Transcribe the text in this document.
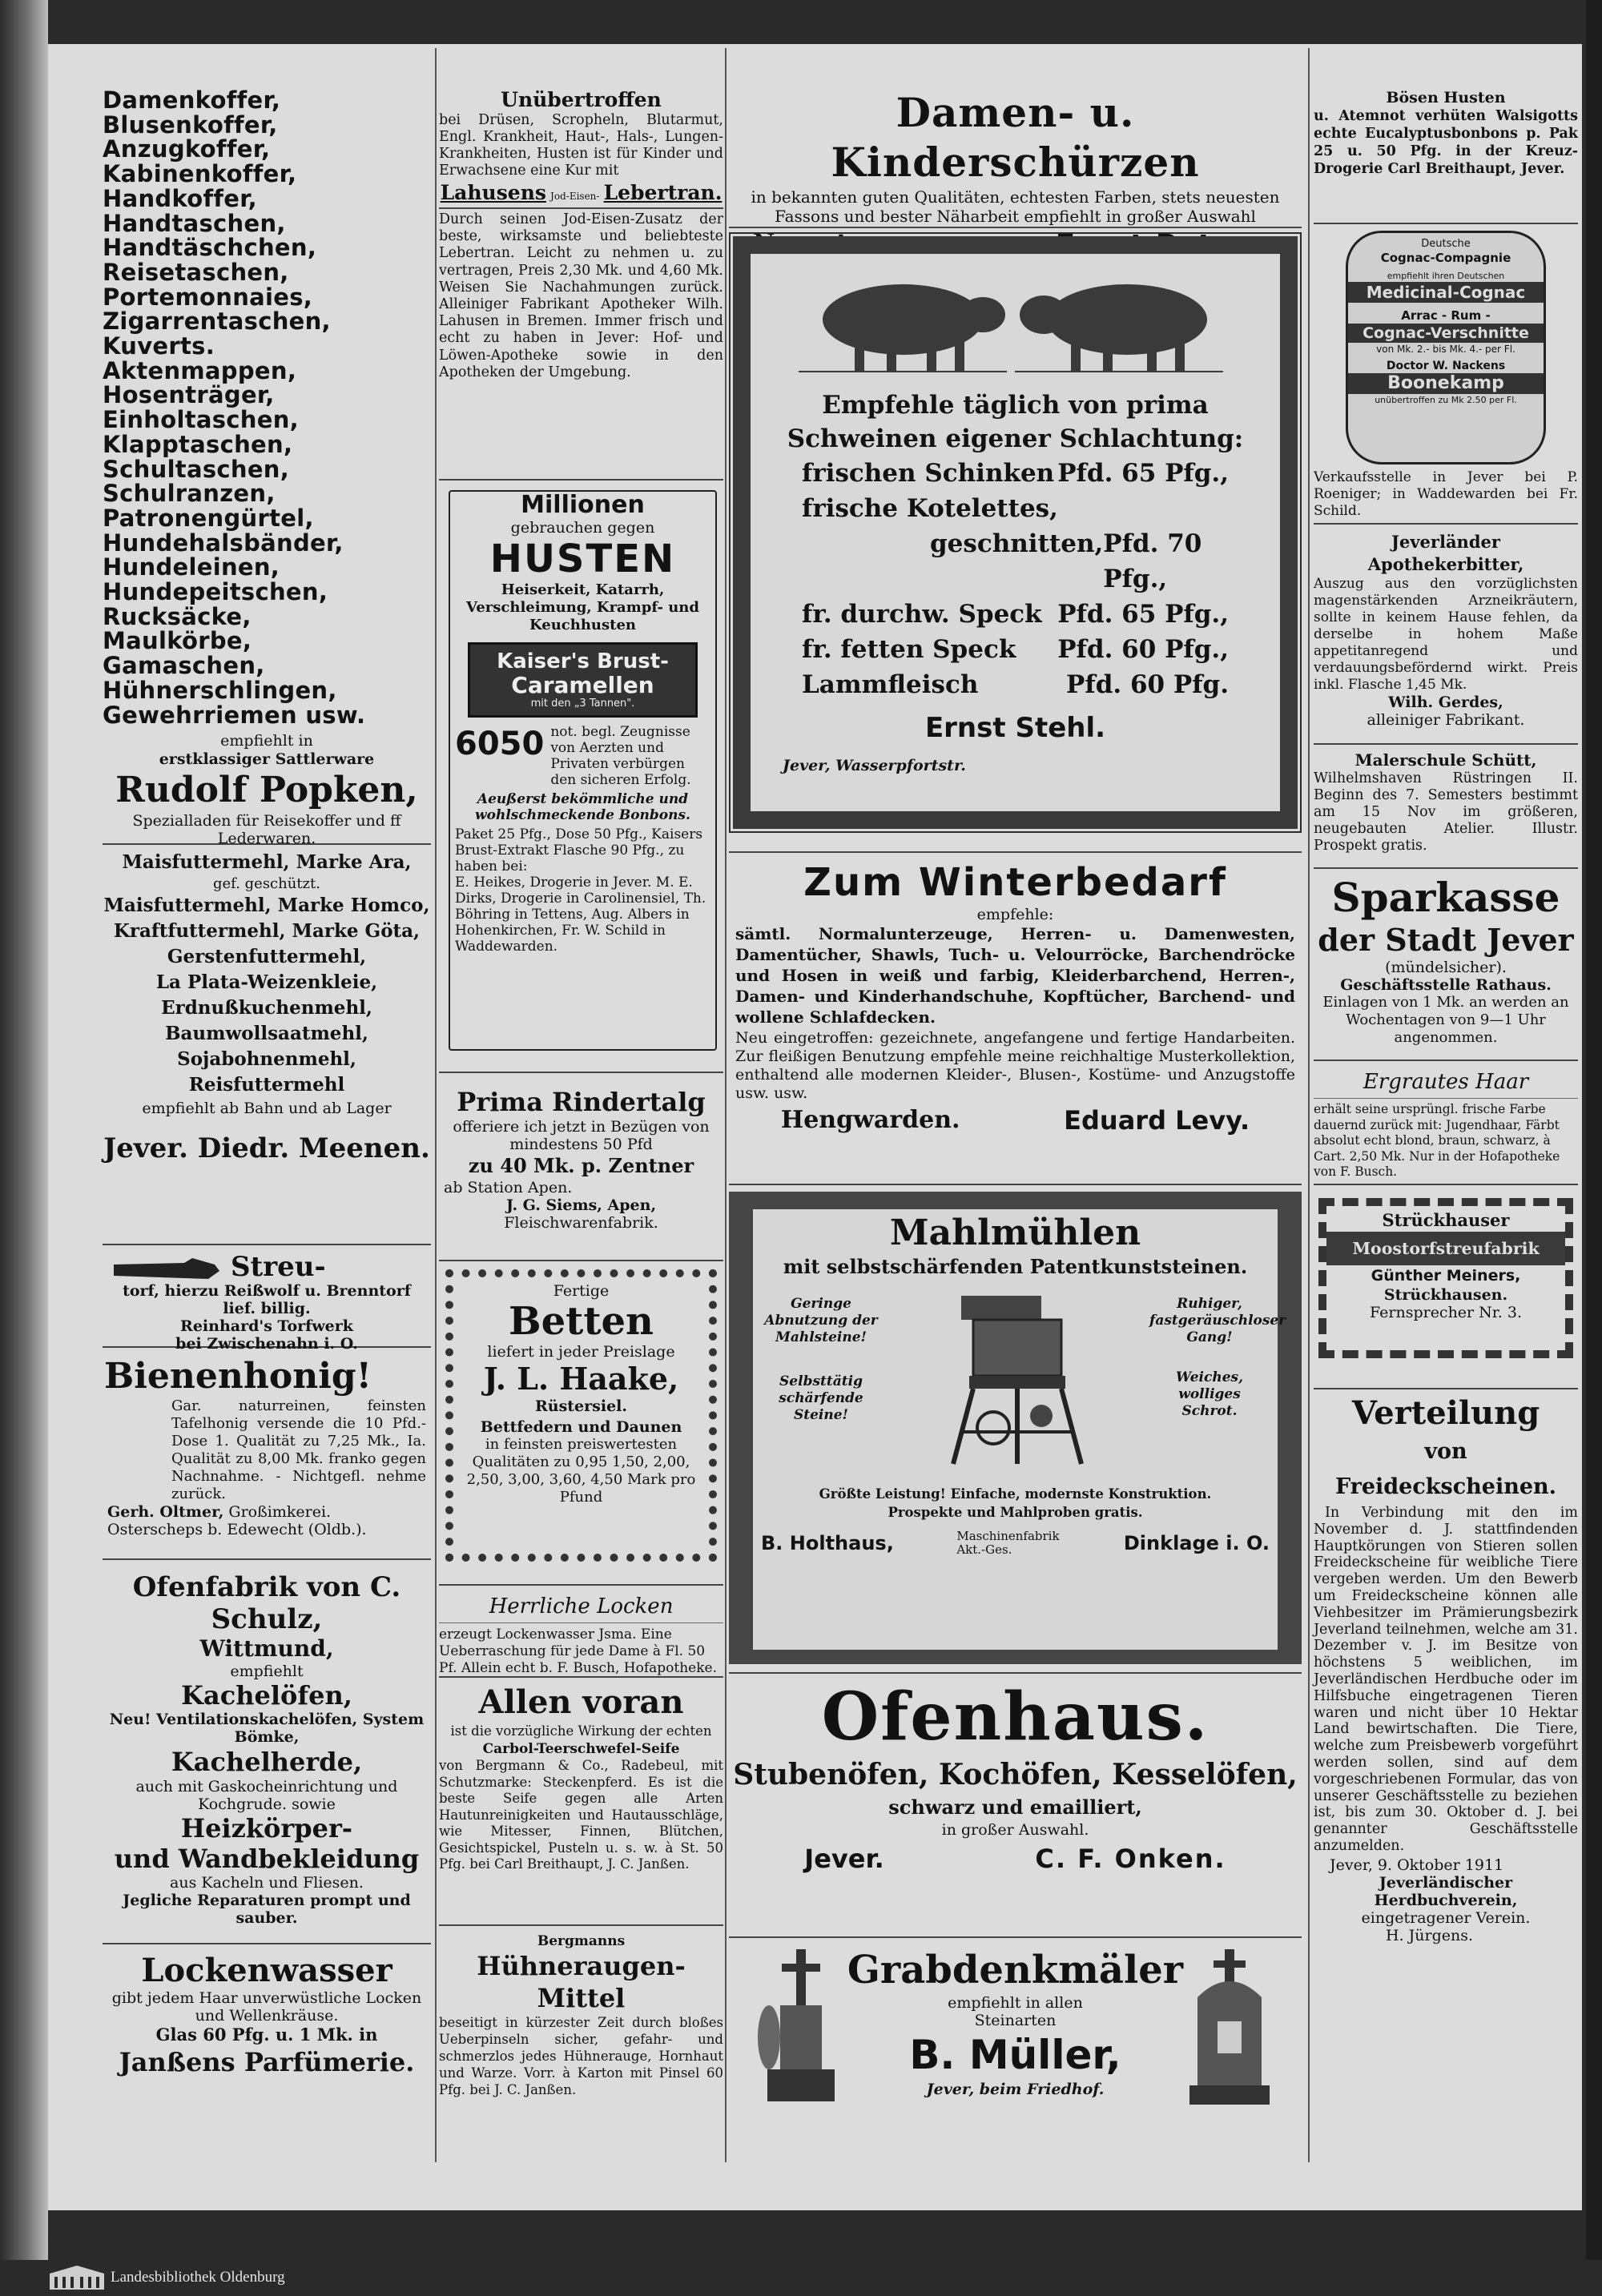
Damenkoffer,
Blusenkoffer,
Anzugkoffer,
Kabinenkoffer,
Handkoffer,
Handtaschen,
Handtäschchen,
Reisetaschen,
Portemonnaies,
Zigarrentaschen,
Kuverts.
Aktenmappen,
Hosenträger,
Einholtaschen,
Klapptaschen,
Schultaschen,
Schulranzen,
Patronengürtel,
Hundehalsbänder,
Hundeleinen,
Hundepeitschen,
Rucksäcke,
Maulkörbe,
Gamaschen,
Hühnerschlingen,
Gewehrriemen usw.

empfiehlt in

erstklassiger Sattlerware

Rudolf Popken,

Spezialladen für Reisekoffer und ff Lederwaren.

Maisfuttermehl, Marke Ara,

gef. geschützt.

Maisfuttermehl, Marke Homco,

Kraftfuttermehl, Marke Göta,

Gerstenfuttermehl,

La Plata-Weizenkleie,

Erdnußkuchenmehl,

Baumwollsaatmehl,

Sojabohnenmehl,

Reisfuttermehl

empfiehlt ab Bahn und ab Lager

Jever. Diedr. Meenen.

Streu-

torf, hierzu Reißwolf u. Brenntorf lief. billig.

Reinhard's Torfwerk

bei Zwischenahn i. O.

Bienenhonig!

Gar. naturreinen, feinsten Tafelhonig versende die 10 Pfd.-Dose 1. Qualität zu 7,25 Mk., Ia. Qualität zu 8,00 Mk. franko gegen Nachnahme. - Nichtgefl. nehme zurück.

Gerh. Oltmer, Großimkerei. Osterscheps b. Edewecht (Oldb.).

Ofenfabrik von C. Schulz,

Wittmund,

empfiehlt

Kachelöfen,

Neu! Ventilationskachelöfen, System Bömke,

Kachelherde,

auch mit Gaskocheinrichtung und Kochgrude. sowie

Heizkörper-

und Wandbekleidung

aus Kacheln und Fliesen.

Jegliche Reparaturen prompt und sauber.

Lockenwasser

gibt jedem Haar unverwüstliche Locken und Wellenkräuse.

Glas 60 Pfg. u. 1 Mk. in

Janßens Parfümerie.

Unübertroffen

bei Drüsen, Scropheln, Blutarmut, Engl. Krankheit, Haut-, Hals-, Lungen-Krankheiten, Husten ist für Kinder und Erwachsene eine Kur mit

Lahusens Jod-Eisen- Lebertran.

Durch seinen Jod-Eisen-Zusatz der beste, wirksamste und beliebteste Lebertran. Leicht zu nehmen u. zu vertragen, Preis 2,30 Mk. und 4,60 Mk. Weisen Sie Nachahmungen zurück. Alleiniger Fabrikant Apotheker Wilh. Lahusen in Bremen. Immer frisch und echt zu haben in Jever: Hof- und Löwen-Apotheke sowie in den Apotheken der Umgebung.

Millionen

gebrauchen gegen

HUSTEN

Heiserkeit, Katarrh, Verschleimung, Krampf- und Keuchhusten

Kaiser's Brust-

Caramellen

mit den „3 Tannen".

6050 not. begl. Zeugnisse von Aerzten und Privaten verbürgen den sicheren Erfolg.

Aeußerst bekömmliche und wohlschmeckende Bonbons.

Paket 25 Pfg., Dose 50 Pfg., Kaisers Brust-Extrakt Flasche 90 Pfg., zu haben bei:

E. Heikes, Drogerie in Jever. M. E. Dirks, Drogerie in Carolinensiel, Th. Böhring in Tettens, Aug. Albers in Hohenkirchen, Fr. W. Schild in Waddewarden.

Prima Rindertalg

offeriere ich jetzt in Bezügen von mindestens 50 Pfd

zu 40 Mk. p. Zentner

ab Station Apen.

J. G. Siems, Apen,

Fleischwarenfabrik.

Fertige

Betten

liefert in jeder Preislage

J. L. Haake,

Rüstersiel.

Bettfedern und Daunen

in feinsten preiswertesten Qualitäten zu 0,95 1,50, 2,00, 2,50, 3,00, 3,60, 4,50 Mark pro Pfund

Herrliche Locken

erzeugt Lockenwasser Jsma. Eine Ueberraschung für jede Dame à Fl. 50 Pf. Allein echt b. F. Busch, Hofapotheke.

Allen voran

ist die vorzügliche Wirkung der echten

Carbol-Teerschwefel-Seife

von Bergmann & Co., Radebeul, mit Schutzmarke: Steckenpferd. Es ist die beste Seife gegen alle Arten Hautunreinigkeiten und Hautausschläge, wie Mitesser, Finnen, Blütchen, Gesichtspickel, Pusteln u. s. w. à St. 50 Pfg. bei Carl Breithaupt, J. C. Janßen.

Bergmanns

Hühneraugen-Mittel

beseitigt in kürzester Zeit durch bloßes Ueberpinseln sicher, gefahr- und schmerzlos jedes Hühnerauge, Hornhaut und Warze. Vorr. à Karton mit Pinsel 60 Pfg. bei J. C. Janßen.

Damen- u. Kinderschürzen

in bekannten guten Qualitäten, echtesten Farben, stets neuesten Fassons und bester Näharbeit empfiehlt in großer Auswahl

Empfehle täglich von prima

Schweinen eigener Schlachtung:

frischen Schinken Pfd. 65 Pfg.,
frische Kotelettes,
geschnitten, Pfd. 70 Pfg.,
fr. durchw. Speck Pfd. 65 Pfg.,
fr. fetten Speck Pfd. 60 Pfg.,
Lammfleisch	Pfd. 60 Pfg.

Ernst Stehl.

Jever, Wasserpfortstr.

Zum Winterbedarf

empfehle:

sämtl. Normalunterzeuge, Herren- u. Damenwesten, Damentücher, Shawls, Tuch- u. Velourröcke, Barchendröcke und Hosen in weiß und farbig, Kleiderbarchend, Herren-, Damen- und Kinderhandschuhe, Kopftücher, Barchend- und wollene Schlafdecken.

Neu eingetroffen: gezeichnete, angefangene und fertige Handarbeiten. Zur fleißigen Benutzung empfehle meine reichhaltige Musterkollektion, enthaltend alle modernen Kleider-, Blusen-, Kostüme- und Anzugstoffe usw. usw.

Hengwarden.	Eduard Levy.

Mahlmühlen

mit selbstschärfenden Patentkunststeinen.

Geringe Abnutzung der Mahlsteine!

Selbsttätig schärfende Steine!

Ruhiger, fastgeräuschloser Gang!

Weiches, wolliges Schrot.

Größte Leistung! Einfache, modernste Konstruktion.

Prospekte und Mahlproben gratis.

B. Holthaus,	Maschinenfabrik Akt.-Ges.	Dinklage i. O.

Ofenhaus.

Stubenöfen, Kochöfen, Kesselöfen,

schwarz und emailliert,

in großer Auswahl.

Jever.	C. F. Onken.

Grabdenkmäler

empfiehlt in allen Steinarten

B. Müller,

Jever, beim Friedhof.

Bösen Husten

u. Atemnot verhüten Walsigotts echte Eucalyptusbonbons p. Pak 25 u. 50 Pfg. in der Kreuz-Drogerie Carl Breithaupt, Jever.

Deutsche

Cognac-Compagnie

empfiehlt ihren Deutschen

Medicinal-Cognac

Arrac - Rum -

Cognac-Verschnitte

von Mk. 2.- bis Mk. 4.- per Fl.

Doctor W. Nackens

Boonekamp

unübertroffen zu Mk 2.50 per Fl.

Verkaufsstelle in Jever bei P. Roeniger; in Waddewarden bei Fr. Schild.

Jeverländer Apothekerbitter,

Auszug aus den vorzüglichsten magenstärkenden Arzneikräutern, sollte in keinem Hause fehlen, da derselbe in hohem Maße appetitanregend und verdauungsbefördernd wirkt. Preis inkl. Flasche 1,45 Mk.

Wilh. Gerdes,

alleiniger Fabrikant.

Malerschule Schütt,

Wilhelmshaven Rüstringen II. Beginn des 7. Semesters bestimmt am 15 Nov im größeren, neugebauten Atelier. Illustr. Prospekt gratis.

Sparkasse

der Stadt Jever

(mündelsicher).

Geschäftsstelle Rathaus.

Einlagen von 1 Mk. an werden an Wochentagen von 9—1 Uhr angenommen.

Ergrautes Haar

erhält seine ursprüngl. frische Farbe dauernd zurück mit: Jugendhaar, Färbt absolut echt blond, braun, schwarz, à Cart. 2,50 Mk. Nur in der Hofapotheke von F. Busch.

Strückhauser

Moostorfstreufabrik

Günther Meiners,

Strückhausen.

Fernsprecher Nr. 3.

Verteilung

von Freideckscheinen.

In Verbindung mit den im November d. J. stattfindenden Hauptkörungen von Stieren sollen Freideckscheine für weibliche Tiere vergeben werden. Um den Bewerb um Freideckscheine können alle Viehbesitzer im Prämierungsbezirk Jeverland teilnehmen, welche am 31. Dezember v. J. im Besitze von höchstens 5 weiblichen, im Jeverländischen Herdbuche oder im Hilfsbuche eingetragenen Tieren waren und nicht über 10 Hektar Land bewirtschaften. Die Tiere, welche zum Preisbewerb vorgeführt werden sollen, sind auf dem vorgeschriebenen Formular, das von unserer Geschäftsstelle zu beziehen ist, bis zum 30. Oktober d. J. bei genannter Geschäftsstelle anzumelden.

Jever, 9. Oktober 1911

Jeverländischer Herdbuchverein,

eingetragener Verein.

H. Jürgens.

Landesbibliothek Oldenburg
